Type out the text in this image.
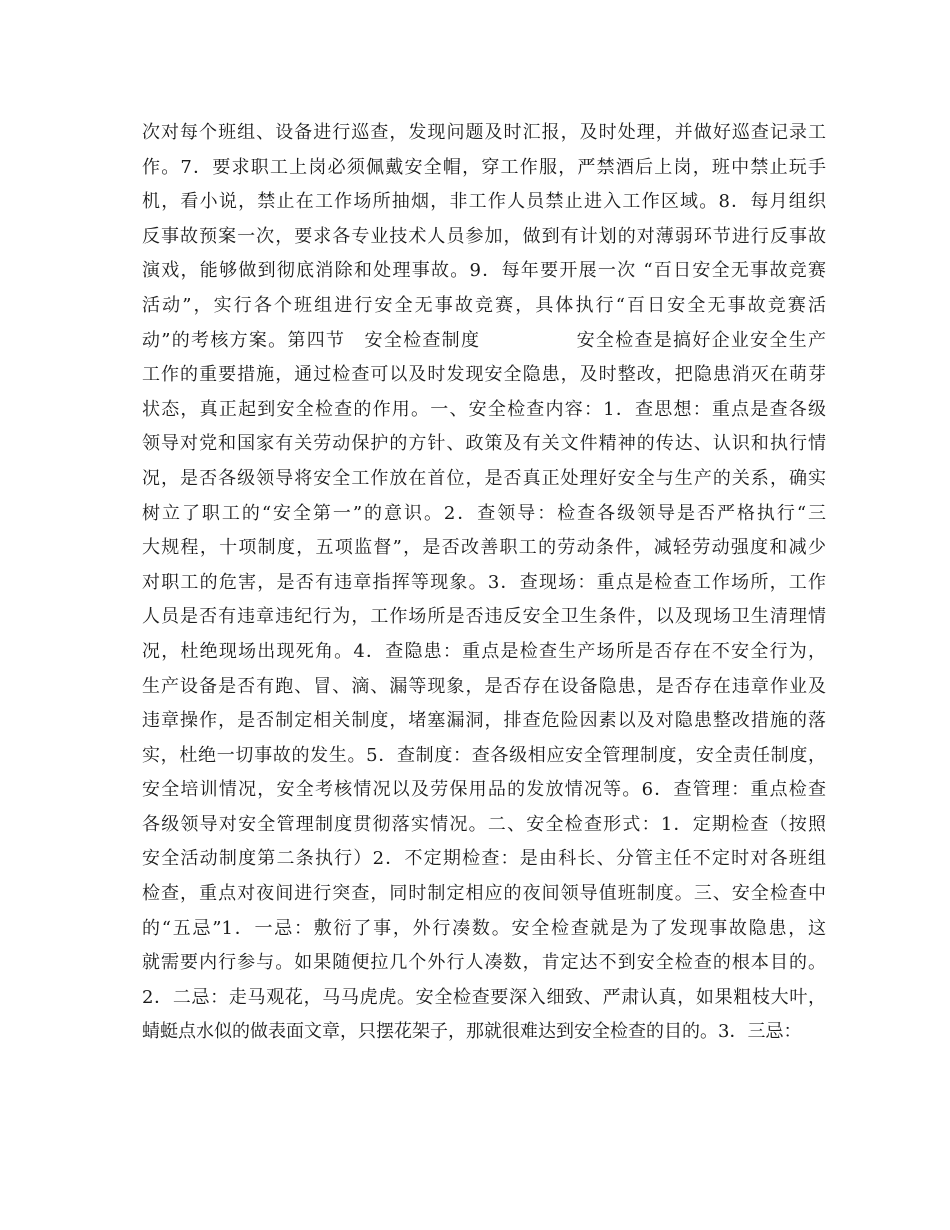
次对每个班组、设备进行巡查，发现问题及时汇报，及时处理，并做好巡查记录工
作。7．要求职工上岗必须佩戴安全帽，穿工作服，严禁酒后上岗，班中禁止玩手
机，看小说，禁止在工作场所抽烟，非工作人员禁止进入工作区域。8．每月组织
反事故预案一次，要求各专业技术人员参加，做到有计划的对薄弱环节进行反事故
演戏，能够做到彻底消除和处理事故。9．每年要开展一次 “百日安全无事故竞赛
活动”，实行各个班组进行安全无事故竞赛，具体执行“百日安全无事故竞赛活
动”的考核方案。第四节　安全检查制度　　　　　安全检查是搞好企业安全生产
工作的重要措施，通过检查可以及时发现安全隐患，及时整改，把隐患消灭在萌芽
状态，真正起到安全检查的作用。一、安全检查内容：1．查思想：重点是查各级
领导对党和国家有关劳动保护的方针、政策及有关文件精神的传达、认识和执行情
况，是否各级领导将安全工作放在首位，是否真正处理好安全与生产的关系，确实
树立了职工的“安全第一”的意识。2．查领导：检查各级领导是否严格执行“三
大规程，十项制度，五项监督”，是否改善职工的劳动条件，减轻劳动强度和减少
对职工的危害，是否有违章指挥等现象。3．查现场：重点是检查工作场所，工作
人员是否有违章违纪行为，工作场所是否违反安全卫生条件，以及现场卫生清理情
况，杜绝现场出现死角。4．查隐患：重点是检查生产场所是否存在不安全行为，
生产设备是否有跑、冒、滴、漏等现象，是否存在设备隐患，是否存在违章作业及
违章操作，是否制定相关制度，堵塞漏洞，排查危险因素以及对隐患整改措施的落
实，杜绝一切事故的发生。5．查制度：查各级相应安全管理制度，安全责任制度，
安全培训情况，安全考核情况以及劳保用品的发放情况等。6．查管理：重点检查
各级领导对安全管理制度贯彻落实情况。二、安全检查形式：1．定期检查（按照
安全活动制度第二条执行）2．不定期检查：是由科长、分管主任不定时对各班组
检查，重点对夜间进行突查，同时制定相应的夜间领导值班制度。三、安全检查中
的“五忌”1．一忌：敷衍了事，外行凑数。安全检查就是为了发现事故隐患，这
就需要内行参与。如果随便拉几个外行人凑数，肯定达不到安全检查的根本目的。
2．二忌：走马观花，马马虎虎。安全检查要深入细致、严肃认真，如果粗枝大叶，
蜻蜓点水似的做表面文章，只摆花架子，那就很难达到安全检查的目的。3．三忌：
